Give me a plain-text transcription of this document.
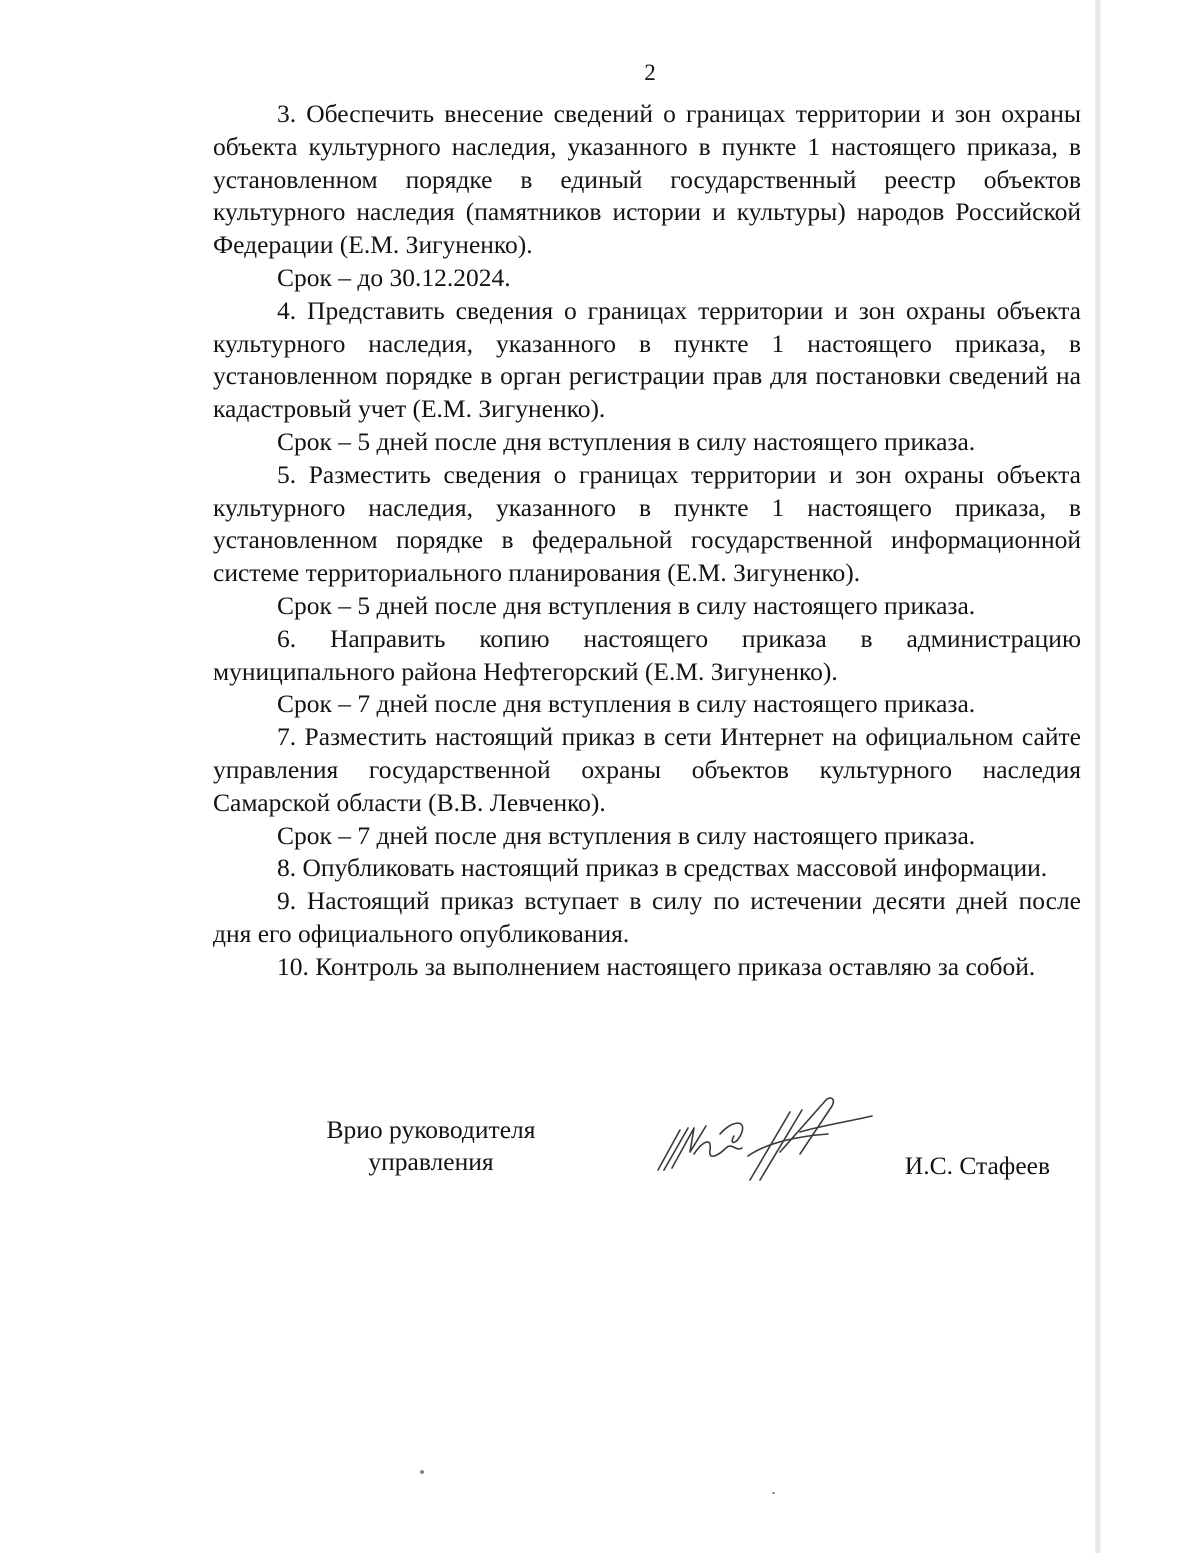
2

3. Обеспечить внесение сведений о границах территории и зон охраны объекта культурного наследия, указанного в пункте 1 настоящего приказа, в установленном порядке в единый государственный реестр объектов культурного наследия (памятников истории и культуры) народов Российской Федерации (Е.М. Зигуненко).

Срок – до 30.12.2024.

4. Представить сведения о границах территории и зон охраны объекта культурного наследия, указанного в пункте 1 настоящего приказа, в установленном порядке в орган регистрации прав для постановки сведений на кадастровый учет (Е.М. Зигуненко).

Срок – 5 дней после дня вступления в силу настоящего приказа.

5. Разместить сведения о границах территории и зон охраны объекта культурного наследия, указанного в пункте 1 настоящего приказа, в установленном порядке в федеральной государственной информационной системе территориального планирования (Е.М. Зигуненко).

Срок – 5 дней после дня вступления в силу настоящего приказа.

6. Направить копию настоящего приказа в администрацию муниципального района Нефтегорский (Е.М. Зигуненко).

Срок – 7 дней после дня вступления в силу настоящего приказа.

7. Разместить настоящий приказ в сети Интернет на официальном сайте управления государственной охраны объектов культурного наследия Самарской области (В.В. Левченко).

Срок – 7 дней после дня вступления в силу настоящего приказа.

8. Опубликовать настоящий приказ в средствах массовой информации.

9. Настоящий приказ вступает в силу по истечении десяти дней после дня его официального опубликования.

10. Контроль за выполнением настоящего приказа оставляю за собой.

Врио руководителя
управления	И.С. Стафеев
